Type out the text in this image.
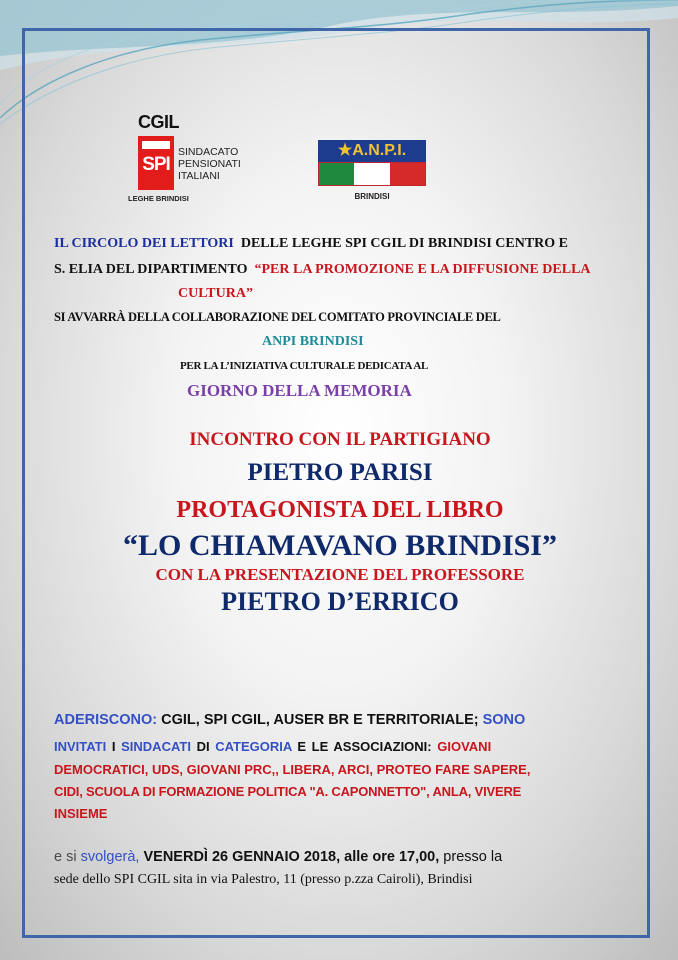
CGIL
SPI
SINDACATO
PENSIONATI
ITALIANI
LEGHE BRINDISI
★A.N.P.I.
BRINDISI
IL CIRCOLO DEI LETTORI DELLE LEGHE SPI CGIL DI BRINDISI CENTRO E
S. ELIA DEL DIPARTIMENTO “PER LA PROMOZIONE E LA DIFFUSIONE DELLA
CULTURA”
SI AVVARRÀ DELLA COLLABORAZIONE DEL COMITATO PROVINCIALE DEL
ANPI BRINDISI
PER LA L’INIZIATIVA CULTURALE DEDICATA AL
GIORNO DELLA MEMORIA
INCONTRO CON IL PARTIGIANO
PIETRO PARISI
PROTAGONISTA DEL LIBRO
“LO CHIAMAVANO BRINDISI”
CON LA PRESENTAZIONE DEL PROFESSORE
PIETRO D’ERRICO
ADERISCONO: CGIL, SPI CGIL, AUSER BR E TERRITORIALE; SONO
INVITATI I SINDACATI DI CATEGORIA E LE ASSOCIAZIONI: GIOVANI
DEMOCRATICI, UDS, GIOVANI PRC,, LIBERA, ARCI, PROTEO FARE SAPERE,
CIDI, SCUOLA DI FORMAZIONE POLITICA "A. CAPONNETTO", ANLA, VIVERE
INSIEME
e si svolgerà, VENERDÌ 26 GENNAIO 2018, alle ore 17,00, presso la
sede dello SPI CGIL sita in via Palestro, 11 (presso p.zza Cairoli), Brindisi
